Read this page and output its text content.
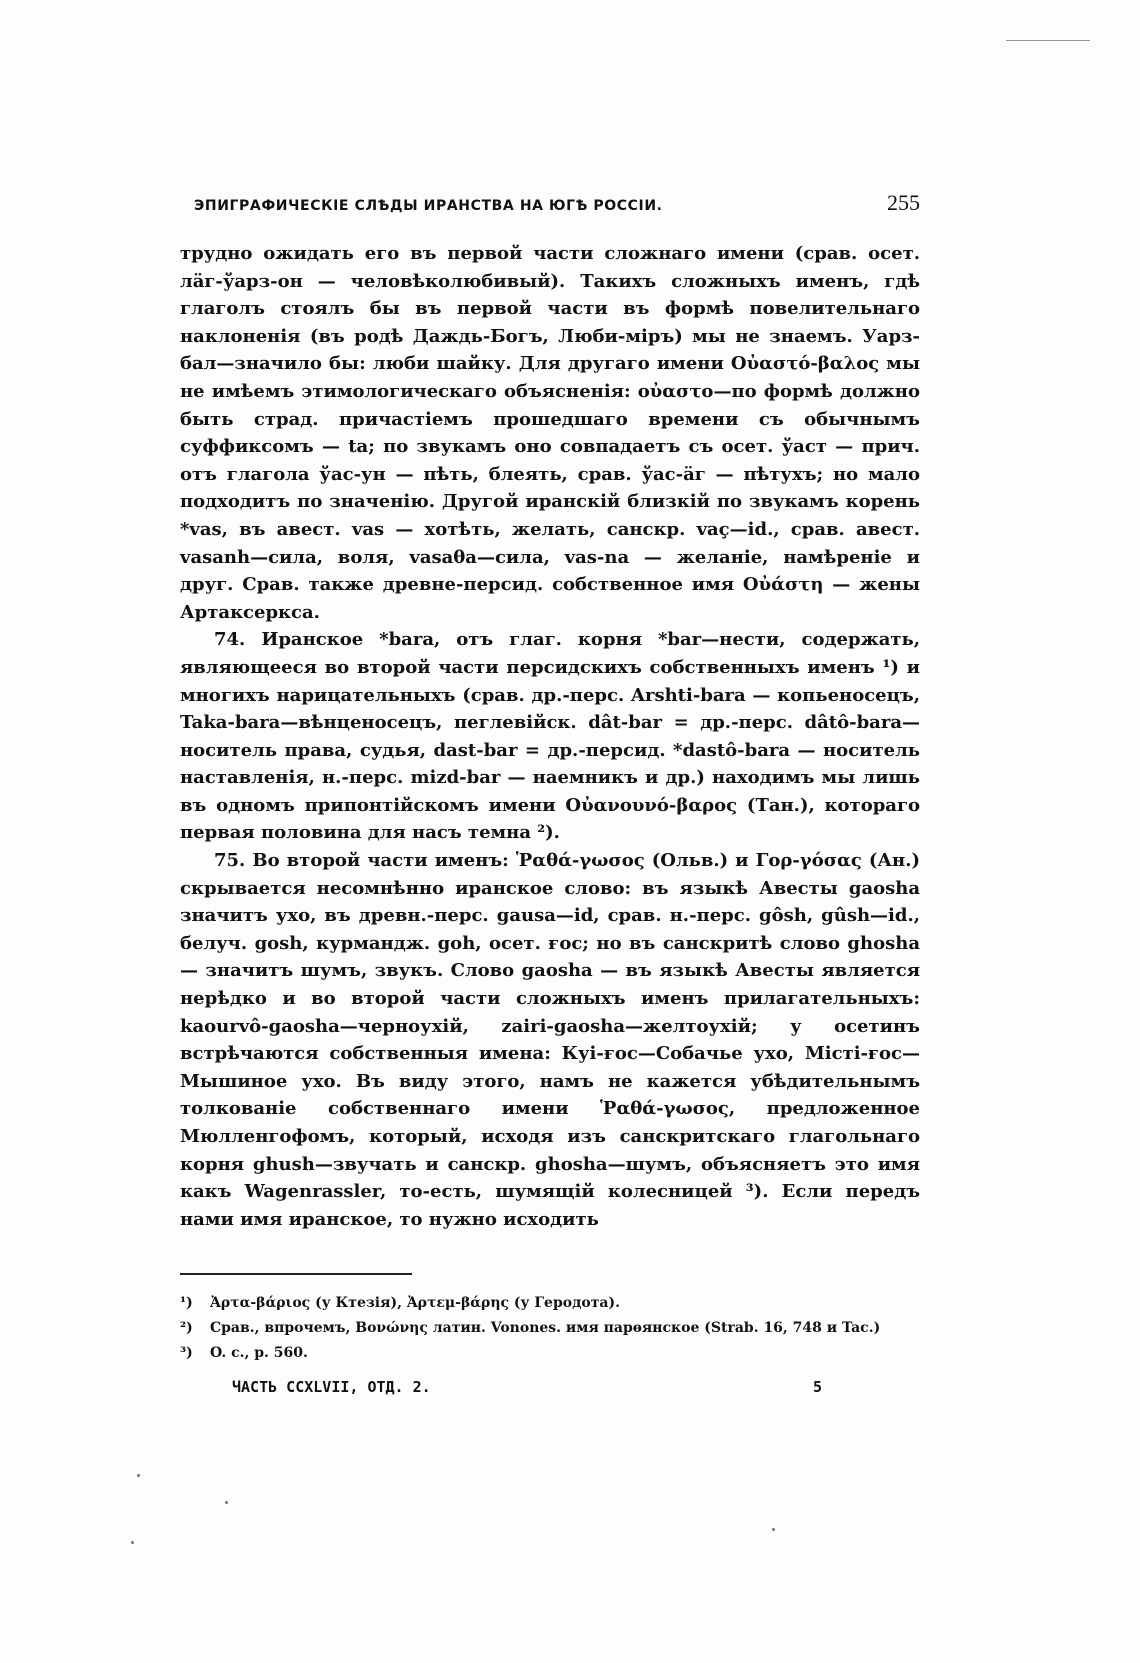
ЭПИГРАФИЧЕСКІЕ СЛѢДЫ ИРАНСТВА НА ЮГѢ РОССІИ.	255

трудно ожидать его въ первой части сложнаго имени (срав. осет. лäг-ўарз-он — человѣколюбивый). Такихъ сложныхъ именъ, гдѣ глаголъ стоялъ бы въ первой части въ формѣ повелительнаго наклоненія (въ родѣ Даждь-Богъ, Люби-міръ) мы не знаемъ. Уарз-бал—значило бы: люби шайку. Для другаго имени Οὐαστό-βαλος мы не имѣемъ этимологическаго объясненія: οὐαστο—по формѣ должно быть страд. причастіемъ прошедшаго времени съ обычнымъ суффиксомъ — ta; по звукамъ оно совпадаетъ съ осет. ўаст — прич. отъ глагола ўас-ун — пѣть, блеять, срав. ўас-äг — пѣтухъ; но мало подходитъ по значенію. Другой иранскій близкій по звукамъ корень *vas, въ авест. vas — хотѣть, желать, санскр. vaç—id., срав. авест. vasanh—сила, воля, vasaθa—сила, vas-na — желаніе, намѣреніе и друг. Срав. также древне-персид. собственное имя Οὐάστη — жены Артаксеркса.

74. Иранское *bara, отъ глаг. корня *bar—нести, содержать, являющееся во второй части персидскихъ собственныхъ именъ ¹) и многихъ нарицательныхъ (срав. др.-перс. Arshti-bara — копьеносецъ, Taka-bara—вѣнценосецъ, пеглевійск. dât-bar = др.-перс. dâtô-bara— носитель права, судья, dast-bar = др.-персид. *dastô-bara — носитель наставленія, н.-перс. mizd-bar — наемникъ и др.) находимъ мы лишь въ одномъ припонтійскомъ имени Οὐανουνό-βαρος (Тан.), котораго первая половина для насъ темна ²).

75. Во второй части именъ: Ῥαθά-γωσος (Ольв.) и Γορ-γόσας (Ан.) скрывается несомнѣнно иранское слово: въ языкѣ Авесты gaosha значитъ ухо, въ древн.-перс. gausa—id, срав. н.-перс. gôsh, gûsh—id., белуч. gosh, курмандж. goh, осет. ғос; но въ санскритѣ слово ghosha — значитъ шумъ, звукъ. Слово gaosha — въ языкѣ Авесты является нерѣдко и во второй части сложныхъ именъ прилагательныхъ: kaourvô-gaosha—черноухій, zairi-gaosha—желтоухій; у осетинъ встрѣчаются собственныя имена: Куі-ғос—Собачье ухо, Місті-ғос—Мышиное ухо. Въ виду этого, намъ не кажется убѣдительнымъ толкованіе собственнаго имени Ῥαθά-γωσος, предложенное Мюлленгофомъ, который, исходя изъ санскритскаго глагольнаго корня ghush—звучать и санскр. ghosha—шумъ, объясняетъ это имя какъ Wagenrassler, то-есть, шумящій колесницей ³). Если передъ нами имя иранское, то нужно исходить

¹) Ἀρτα-βάριος (у Ктезія), Ἀρτεμ-βάρης (у Геродота).

²) Срав., впрочемъ, Βονώνης латин. Vonones. имя парѳянское (Strab. 16, 748 и Tac.)

³) O. c., p. 560.

ЧАСТЬ CCXLVII, ОТД. 2.	5
